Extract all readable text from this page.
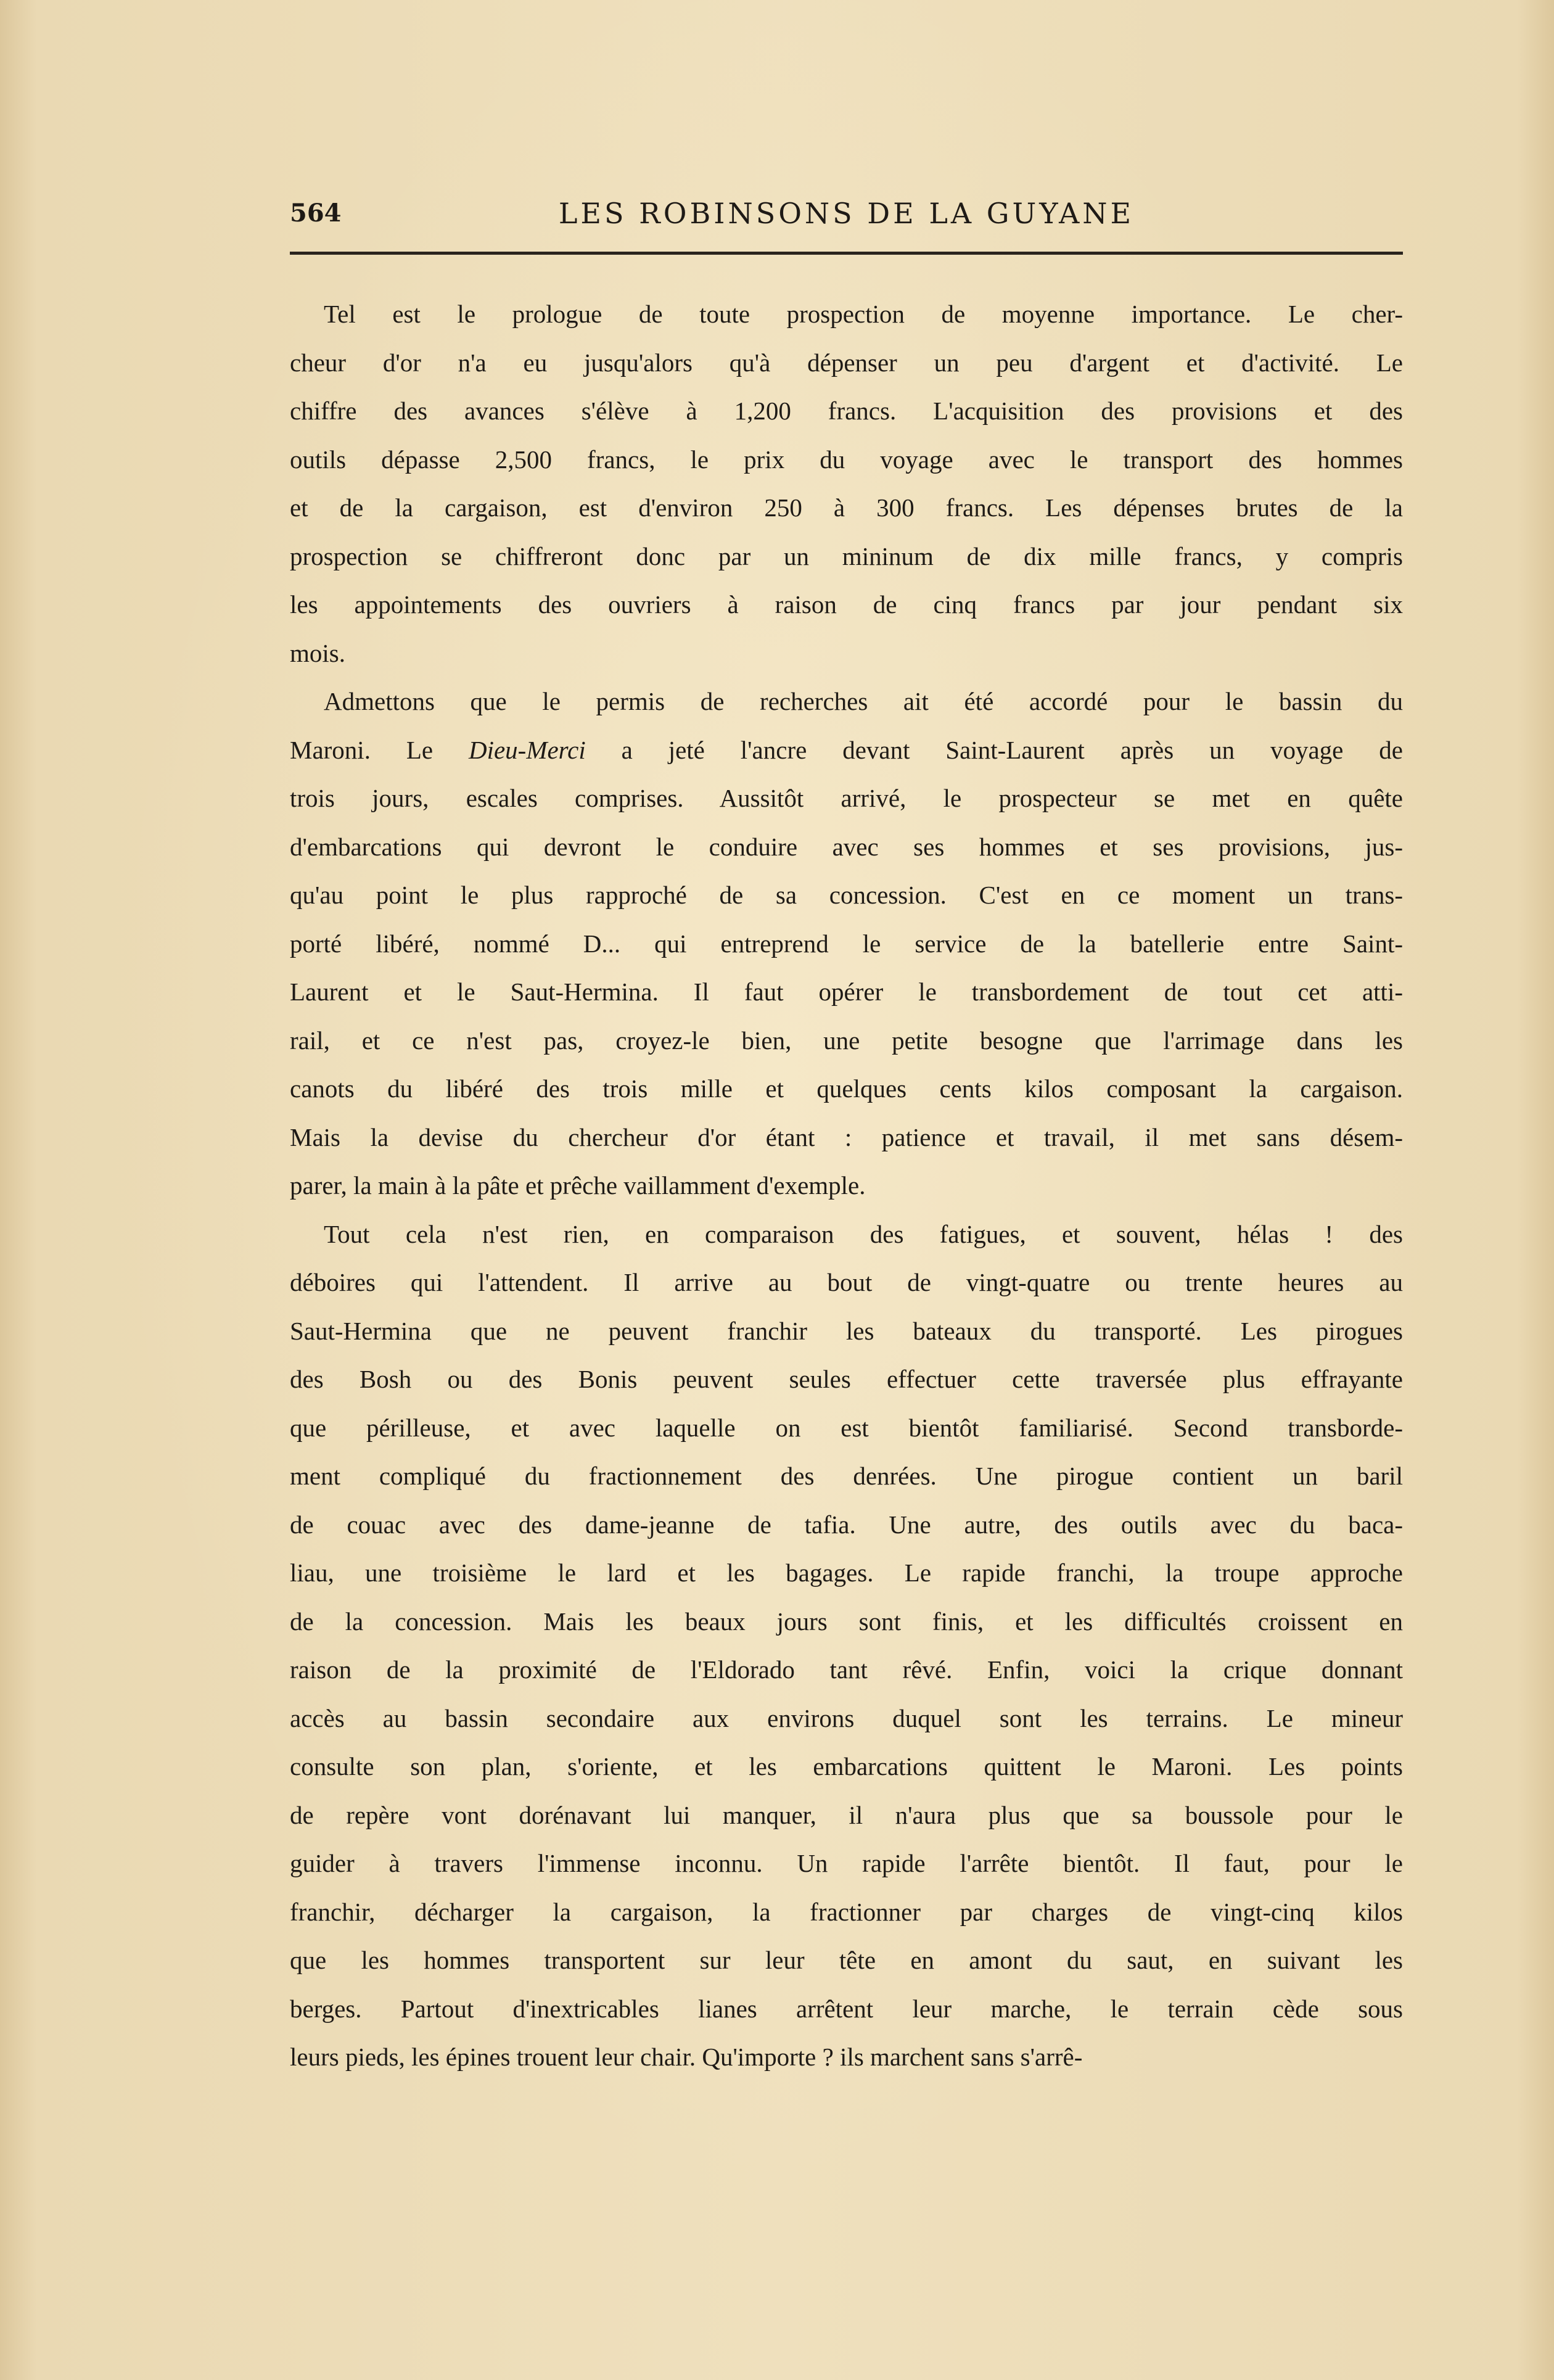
564	LES ROBINSONS DE LA GUYANE
Tel est le prologue de toute prospection de moyenne importance. Le cher-
cheur d'or n'a eu jusqu'alors qu'à dépenser un peu d'argent et d'activité. Le
chiffre des avances s'élève à 1,200 francs. L'acquisition des provisions et des
outils dépasse 2,500 francs, le prix du voyage avec le transport des hommes
et de la cargaison, est d'environ 250 à 300 francs. Les dépenses brutes de la
prospection se chiffreront donc par un mininum de dix mille francs, y compris
les appointements des ouvriers à raison de cinq francs par jour pendant six
mois.
Admettons que le permis de recherches ait été accordé pour le bassin du
Maroni. Le Dieu-Merci a jeté l'ancre devant Saint-Laurent après un voyage de
trois jours, escales comprises. Aussitôt arrivé, le prospecteur se met en quête
d'embarcations qui devront le conduire avec ses hommes et ses provisions, jus-
qu'au point le plus rapproché de sa concession. C'est en ce moment un trans-
porté libéré, nommé D... qui entreprend le service de la batellerie entre Saint-
Laurent et le Saut-Hermina. Il faut opérer le transbordement de tout cet atti-
rail, et ce n'est pas, croyez-le bien, une petite besogne que l'arrimage dans les
canots du libéré des trois mille et quelques cents kilos composant la cargaison.
Mais la devise du chercheur d'or étant : patience et travail, il met sans désem-
parer, la main à la pâte et prêche vaillamment d'exemple.
Tout cela n'est rien, en comparaison des fatigues, et souvent, hélas ! des
déboires qui l'attendent. Il arrive au bout de vingt-quatre ou trente heures au
Saut-Hermina que ne peuvent franchir les bateaux du transporté. Les pirogues
des Bosh ou des Bonis peuvent seules effectuer cette traversée plus effrayante
que périlleuse, et avec laquelle on est bientôt familiarisé. Second transborde-
ment compliqué du fractionnement des denrées. Une pirogue contient un baril
de couac avec des dame-jeanne de tafia. Une autre, des outils avec du baca-
liau, une troisième le lard et les bagages. Le rapide franchi, la troupe approche
de la concession. Mais les beaux jours sont finis, et les difficultés croissent en
raison de la proximité de l'Eldorado tant rêvé. Enfin, voici la crique donnant
accès au bassin secondaire aux environs duquel sont les terrains. Le mineur
consulte son plan, s'oriente, et les embarcations quittent le Maroni. Les points
de repère vont dorénavant lui manquer, il n'aura plus que sa boussole pour le
guider à travers l'immense inconnu. Un rapide l'arrête bientôt. Il faut, pour le
franchir, décharger la cargaison, la fractionner par charges de vingt-cinq kilos
que les hommes transportent sur leur tête en amont du saut, en suivant les
berges. Partout d'inextricables lianes arrêtent leur marche, le terrain cède sous
leurs pieds, les épines trouent leur chair. Qu'importe ? ils marchent sans s'arrê-
